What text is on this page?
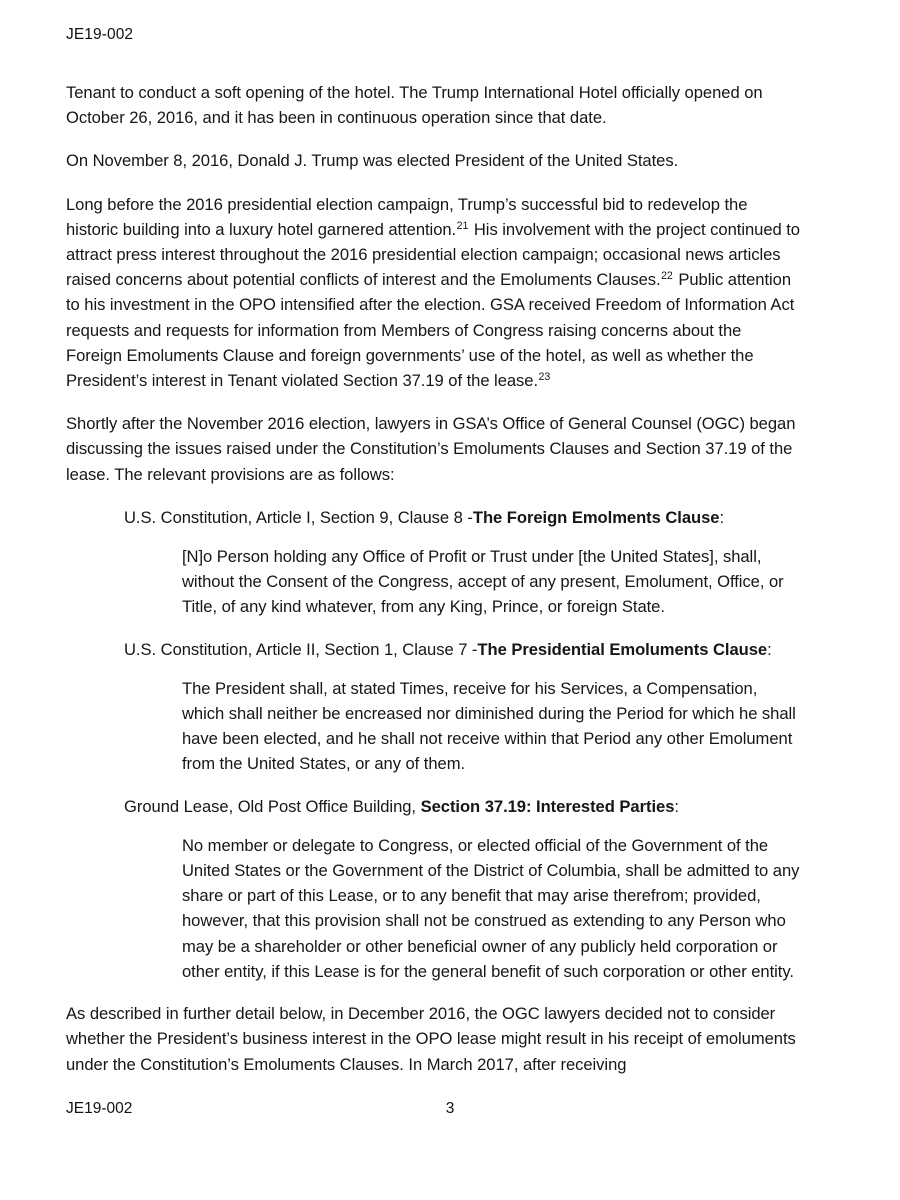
JE19-002

Tenant to conduct a soft opening of the hotel. The Trump International Hotel officially opened on October 26, 2016, and it has been in continuous operation since that date.

On November 8, 2016, Donald J. Trump was elected President of the United States.

Long before the 2016 presidential election campaign, Trump’s successful bid to redevelop the historic building into a luxury hotel garnered attention.$^{21}$ His involvement with the project continued to attract press interest throughout the 2016 presidential election campaign; occasional news articles raised concerns about potential conflicts of interest and the Emoluments Clauses.$^{22}$ Public attention to his investment in the OPO intensified after the election. GSA received Freedom of Information Act requests and requests for information from Members of Congress raising concerns about the Foreign Emoluments Clause and foreign governments’ use of the hotel, as well as whether the President’s interest in Tenant violated Section 37.19 of the lease.$^{23}$

Shortly after the November 2016 election, lawyers in GSA’s Office of General Counsel (OGC) began discussing the issues raised under the Constitution’s Emoluments Clauses and Section 37.19 of the lease. The relevant provisions are as follows:

U.S. Constitution, Article I, Section 9, Clause 8 -The Foreign Emolments Clause:

[N]o Person holding any Office of Profit or Trust under [the United States], shall, without the Consent of the Congress, accept of any present, Emolument, Office, or Title, of any kind whatever, from any King, Prince, or foreign State.

U.S. Constitution, Article II, Section 1, Clause 7 -The Presidential Emoluments Clause:

The President shall, at stated Times, receive for his Services, a Compensation, which shall neither be encreased nor diminished during the Period for which he shall have been elected, and he shall not receive within that Period any other Emolument from the United States, or any of them.

Ground Lease, Old Post Office Building, Section 37.19: Interested Parties:

No member or delegate to Congress, or elected official of the Government of the United States or the Government of the District of Columbia, shall be admitted to any share or part of this Lease, or to any benefit that may arise therefrom; provided, however, that this provision shall not be construed as extending to any Person who may be a shareholder or other beneficial owner of any publicly held corporation or other entity, if this Lease is for the general benefit of such corporation or other entity.

As described in further detail below, in December 2016, the OGC lawyers decided not to consider whether the President’s business interest in the OPO lease might result in his receipt of emoluments under the Constitution’s Emoluments Clauses. In March 2017, after receiving

JE19-002	3
